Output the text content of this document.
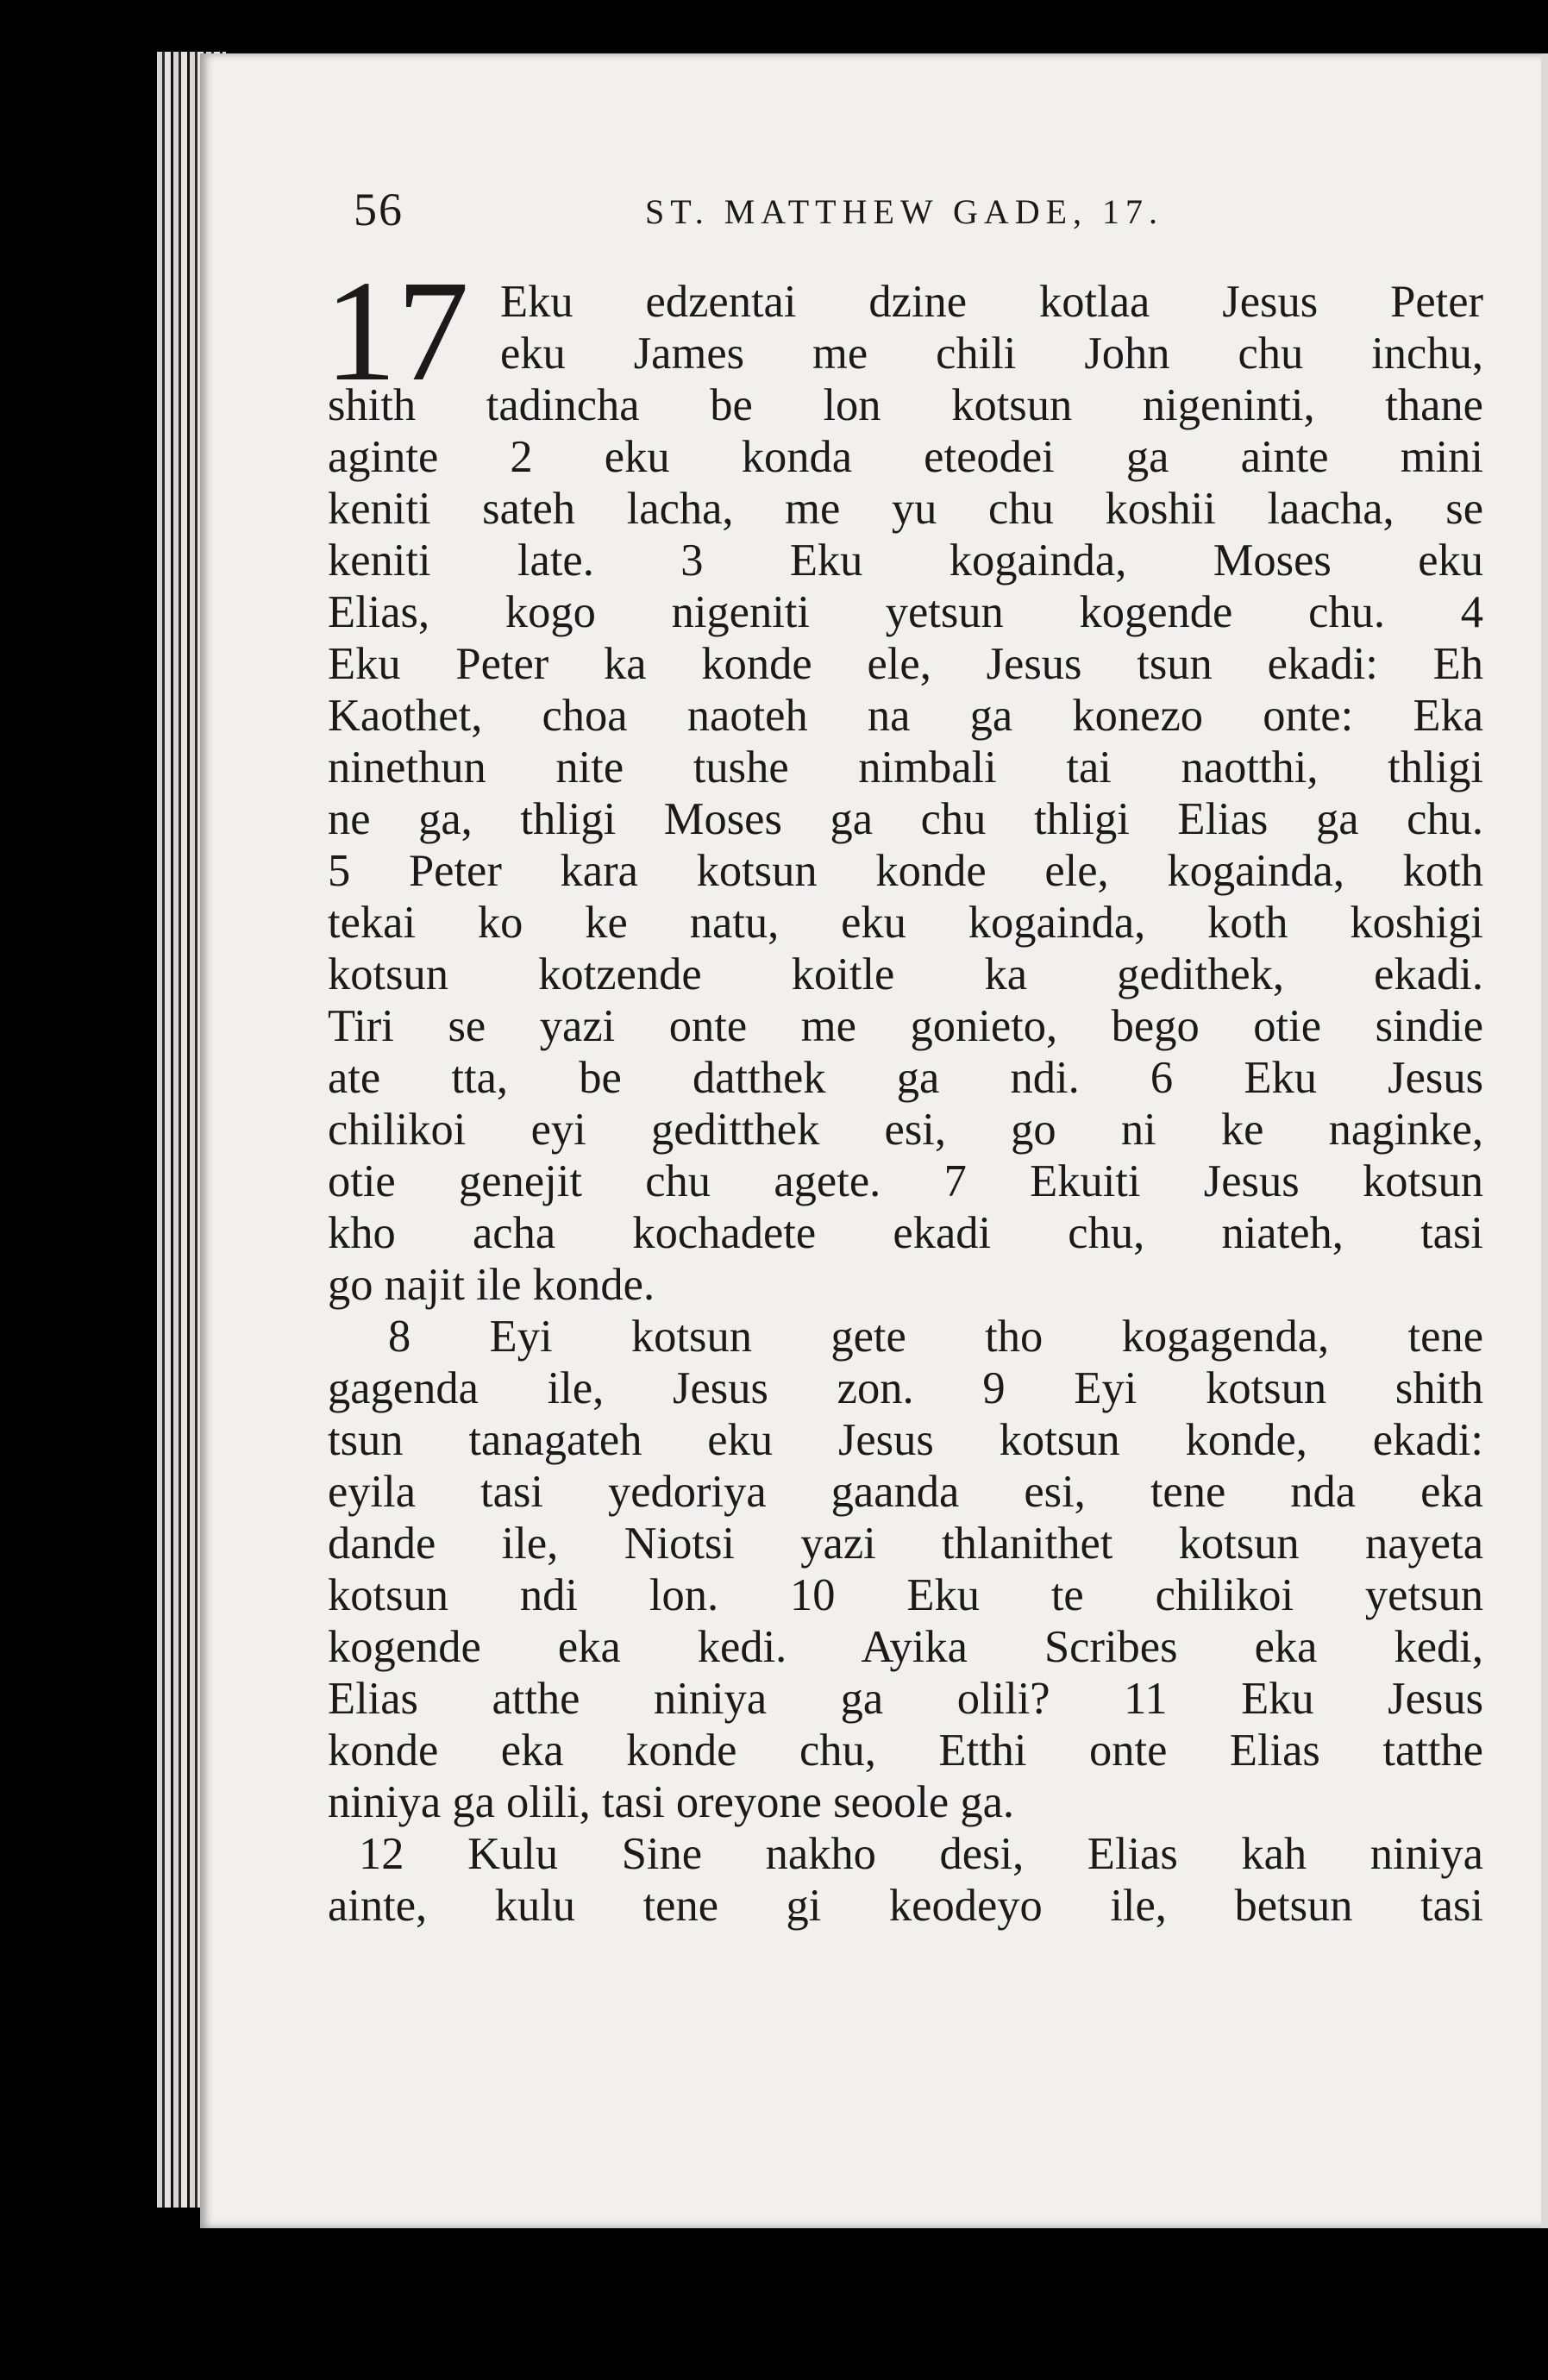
56	ST. MATTHEW GADE, 17.
17 Eku edzentai dzine kotlaa Jesus Peter
eku James me chili John chu inchu,
shith tadincha be lon kotsun nigeninti, thane
aginte 2 eku konda eteodei ga ainte mini
keniti sateh lacha, me yu chu koshii laacha, se
keniti late. 3 Eku kogainda, Moses eku
Elias, kogo nigeniti yetsun kogende chu. 4
Eku Peter ka konde ele, Jesus tsun ekadi: Eh
Kaothet, choa naoteh na ga konezo onte: Eka
ninethun nite tushe nimbali tai naotthi, thligi
ne ga, thligi Moses ga chu thligi Elias ga chu.
5 Peter kara kotsun konde ele, kogainda, koth
tekai ko ke natu, eku kogainda, koth koshigi
kotsun kotzende koitle ka gedithek, ekadi.
Tiri se yazi onte me gonieto, bego otie sindie
ate tta, be datthek ga ndi. 6 Eku Jesus
chilikoi eyi geditthek esi, go ni ke naginke,
otie genejit chu agete. 7 Ekuiti Jesus kotsun
kho acha kochadete ekadi chu, niateh, tasi
go najit ile konde.
8 Eyi kotsun gete tho kogagenda, tene
gagenda ile, Jesus zon. 9 Eyi kotsun shith
tsun tanagateh eku Jesus kotsun konde, ekadi:
eyila tasi yedoriya gaanda esi, tene nda eka
dande ile, Niotsi yazi thlanithet kotsun nayeta
kotsun ndi lon. 10 Eku te chilikoi yetsun
kogende eka kedi. Ayika Scribes eka kedi,
Elias atthe niniya ga olili? 11 Eku Jesus
konde eka konde chu, Etthi onte Elias tatthe
niniya ga olili, tasi oreyone seoole ga.
12 Kulu Sine nakho desi, Elias kah niniya
ainte, kulu tene gi keodeyo ile, betsun tasi
